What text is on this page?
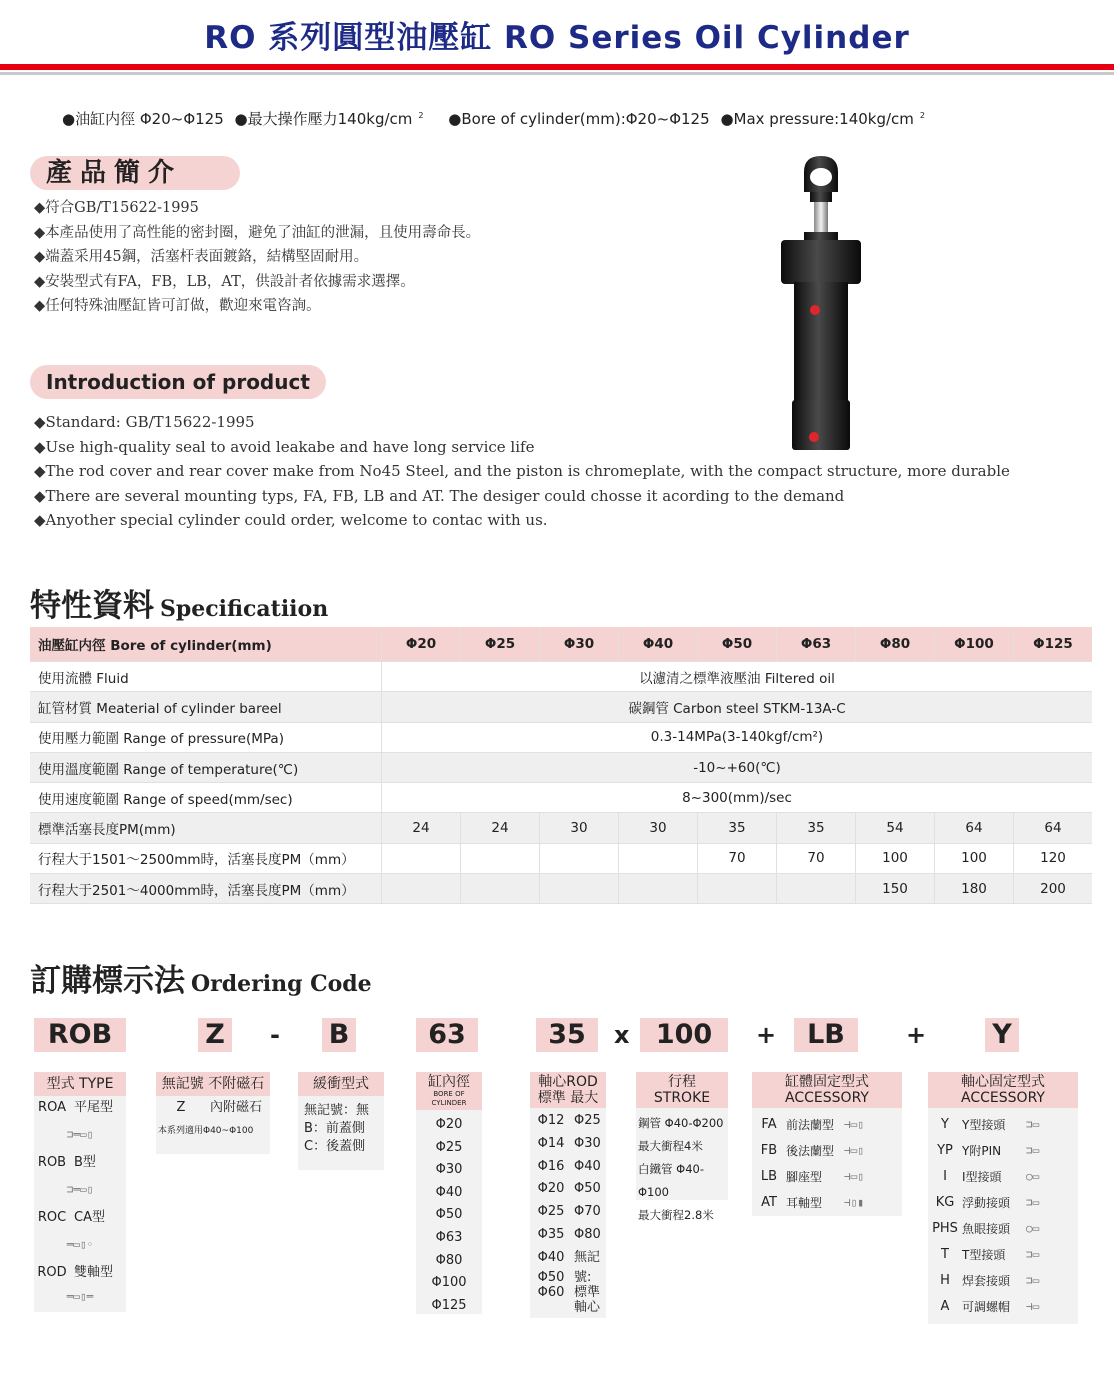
RO 系列圓型油壓缸 RO Series Oil Cylinder
●油缸内徑 Φ20~Φ125 ●最大操作壓力140kg/cm $^2$ ●Bore of cylinder(mm):Φ20~Φ125 ●Max pressure:140kg/cm $^2$
產品簡介
◆符合GB/T15622-1995
◆本產品使用了高性能的密封圈，避免了油缸的泄漏，且使用壽命長。
◆端蓋采用45鋼，活塞杆表面鍍鉻，結構堅固耐用。
◆安裝型式有FA，FB，LB，AT，供設計者依據需求選擇。
◆任何特殊油壓缸皆可訂做，歡迎來電咨詢。
Introduction of product
◆Standard: GB/T15622-1995
◆Use high-quality seal to avoid leakabe and have long service life
◆The rod cover and rear cover make from No45 Steel, and the piston is chromeplate, with the compact structure, more durable
◆There are several mounting typs, FA, FB, LB and AT. The desiger could chosse it acording to the demand
◆Anyother special cylinder could order, welcome to contac with us.
特性資料 Specificatiion
油壓缸内徑 Bore of cylinder(mm)	Φ20	Φ25	Φ30	Φ40	Φ50	Φ63	Φ80	Φ100	Φ125
使用流體 Fluid	以濾清之標準液壓油 Filtered oil								
缸管材質 Meaterial of cylinder bareel	碳鋼管 Carbon steel STKM-13A-C								
使用壓力範圍 Range of pressure(MPa)	0.3-14MPa(3-140kgf/cm²)								
使用溫度範圍 Range of temperature(℃)	-10~+60(℃)								
使用速度範圍 Range of speed(mm/sec)	8~300(mm)/sec								
標準活塞長度PM(mm)	24	24	30	30	35	35	54	64	64
行程大于1501～2500mm時，活塞長度PM（mm）					70	70	100	100	120
行程大于2501～4000mm時，活塞長度PM（mm）							150	180	200
訂購標示法 Ordering Code
ROB	Z	- B	63	35	x 100	+	LB	+ Y
型式 TYPE
ROA 平尾型
⊐═▭▯
ROB B型
⊐═▭▯
ROC CA型
═▭▯◦
ROD 雙軸型
═▭▯═
無記號 不附磁石
Z	內附磁石
本系列適用Φ40~Φ100
緩衝型式
無記號：無
B：前蓋側
C：後蓋側
缸內徑
BORE OF CYLINDER
Φ20
Φ25
Φ30
Φ40
Φ50
Φ63
Φ80
Φ100
Φ125
軸心ROD
標準 最大
Φ12 Φ25
Φ14 Φ30
Φ16 Φ40
Φ20 Φ50
Φ25 Φ70
Φ35 Φ80
Φ40 無記
Φ50 號:
Φ60 標準
軸心
行程
STROKE
鋼管 Φ40-Φ200
最大衝程4米
白鐵管 Φ40-Φ100
最大衝程2.8米
缸體固定型式
ACCESSORY
FA 前法蘭型 ⊣▭▯
FB 後法蘭型 ⊣▭▯
LB 腳座型	⊣▭▯
AT 耳軸型	⊣▯▮
軸心固定型式
ACCESSORY
Y	Y型接頭	⊐▭
YP Y附PIN	⊐▭
I	I型接頭	○▭
KG 浮動接頭	⊐▭
PHS 魚眼接頭	○▭
T	T型接頭	⊐▭
H	焊套接頭	⊐▭
A	可調螺帽	⊣▭
